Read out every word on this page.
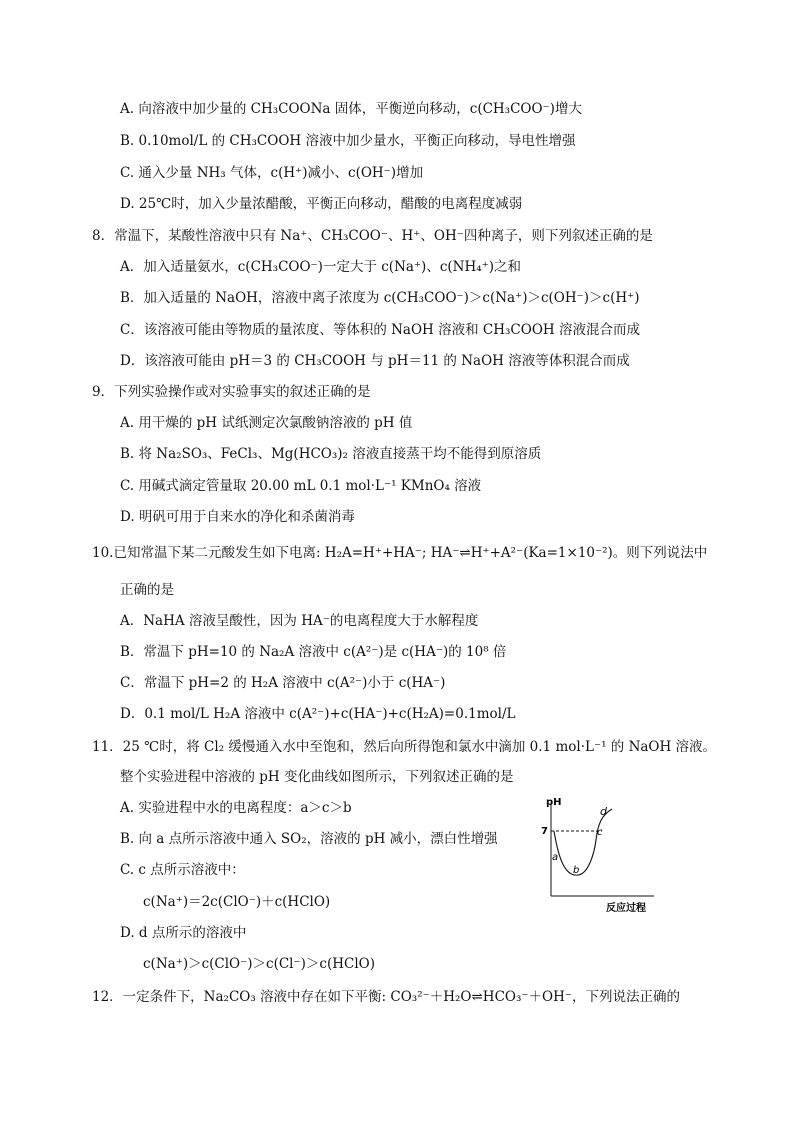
A. 向溶液中加少量的 CH₃COONa 固体，平衡逆向移动，c(CH₃COO⁻)增大
B. 0.10mol/L 的 CH₃COOH 溶液中加少量水，平衡正向移动，导电性增强
C. 通入少量 NH₃ 气体，c(H⁺)减小、c(OH⁻)增加
D. 25℃时，加入少量浓醋酸，平衡正向移动，醋酸的电离程度减弱
8．常温下，某酸性溶液中只有 Na⁺、CH₃COO⁻、H⁺、OH⁻四种离子，则下列叙述正确的是
A．加入适量氨水，c(CH₃COO⁻)一定大于 c(Na⁺)、c(NH₄⁺)之和
B．加入适量的 NaOH，溶液中离子浓度为 c(CH₃COO⁻)＞c(Na⁺)＞c(OH⁻)＞c(H⁺)
C．该溶液可能由等物质的量浓度、等体积的 NaOH 溶液和 CH₃COOH 溶液混合而成
D．该溶液可能由 pH＝3 的 CH₃COOH 与 pH＝11 的 NaOH 溶液等体积混合而成
9．下列实验操作或对实验事实的叙述正确的是
A. 用干燥的 pH 试纸测定次氯酸钠溶液的 pH 值
B. 将 Na₂SO₃、FeCl₃、Mg(HCO₃)₂ 溶液直接蒸干均不能得到原溶质
C. 用碱式滴定管量取 20.00 mL 0.1 mol·L⁻¹ KMnO₄ 溶液
D. 明矾可用于自来水的净化和杀菌消毒
10.已知常温下某二元酸发生如下电离: H₂A=H⁺+HA⁻; HA⁻⇌H⁺+A²⁻(Ka=1×10⁻²)。则下列说法中
正确的是
A．NaHA 溶液呈酸性，因为 HA⁻的电离程度大于水解程度
B．常温下 pH=10 的 Na₂A 溶液中 c(A²⁻)是 c(HA⁻)的 10⁸ 倍
C．常温下 pH=2 的 H₂A 溶液中 c(A²⁻)小于 c(HA⁻)
D．0.1 mol/L H₂A 溶液中 c(A²⁻)+c(HA⁻)+c(H₂A)=0.1mol/L
11．25 ℃时，将 Cl₂ 缓慢通入水中至饱和，然后向所得饱和氯水中滴加 0.1 mol·L⁻¹ 的 NaOH 溶液。
整个实验进程中溶液的 pH 变化曲线如图所示，下列叙述正确的是
A. 实验进程中水的电离程度：a＞c＞b
B. 向 a 点所示溶液中通入 SO₂，溶液的 pH 减小，漂白性增强
C. c 点所示溶液中：
c(Na⁺)＝2c(ClO⁻)＋c(HClO)
D. d 点所示的溶液中
c(Na⁺)＞c(ClO⁻)＞c(Cl⁻)＞c(HClO)
pH
7
a
b
c
d
反应过程
12．一定条件下，Na₂CO₃ 溶液中存在如下平衡: CO₃²⁻＋H₂O⇌HCO₃⁻＋OH⁻，下列说法正确的
